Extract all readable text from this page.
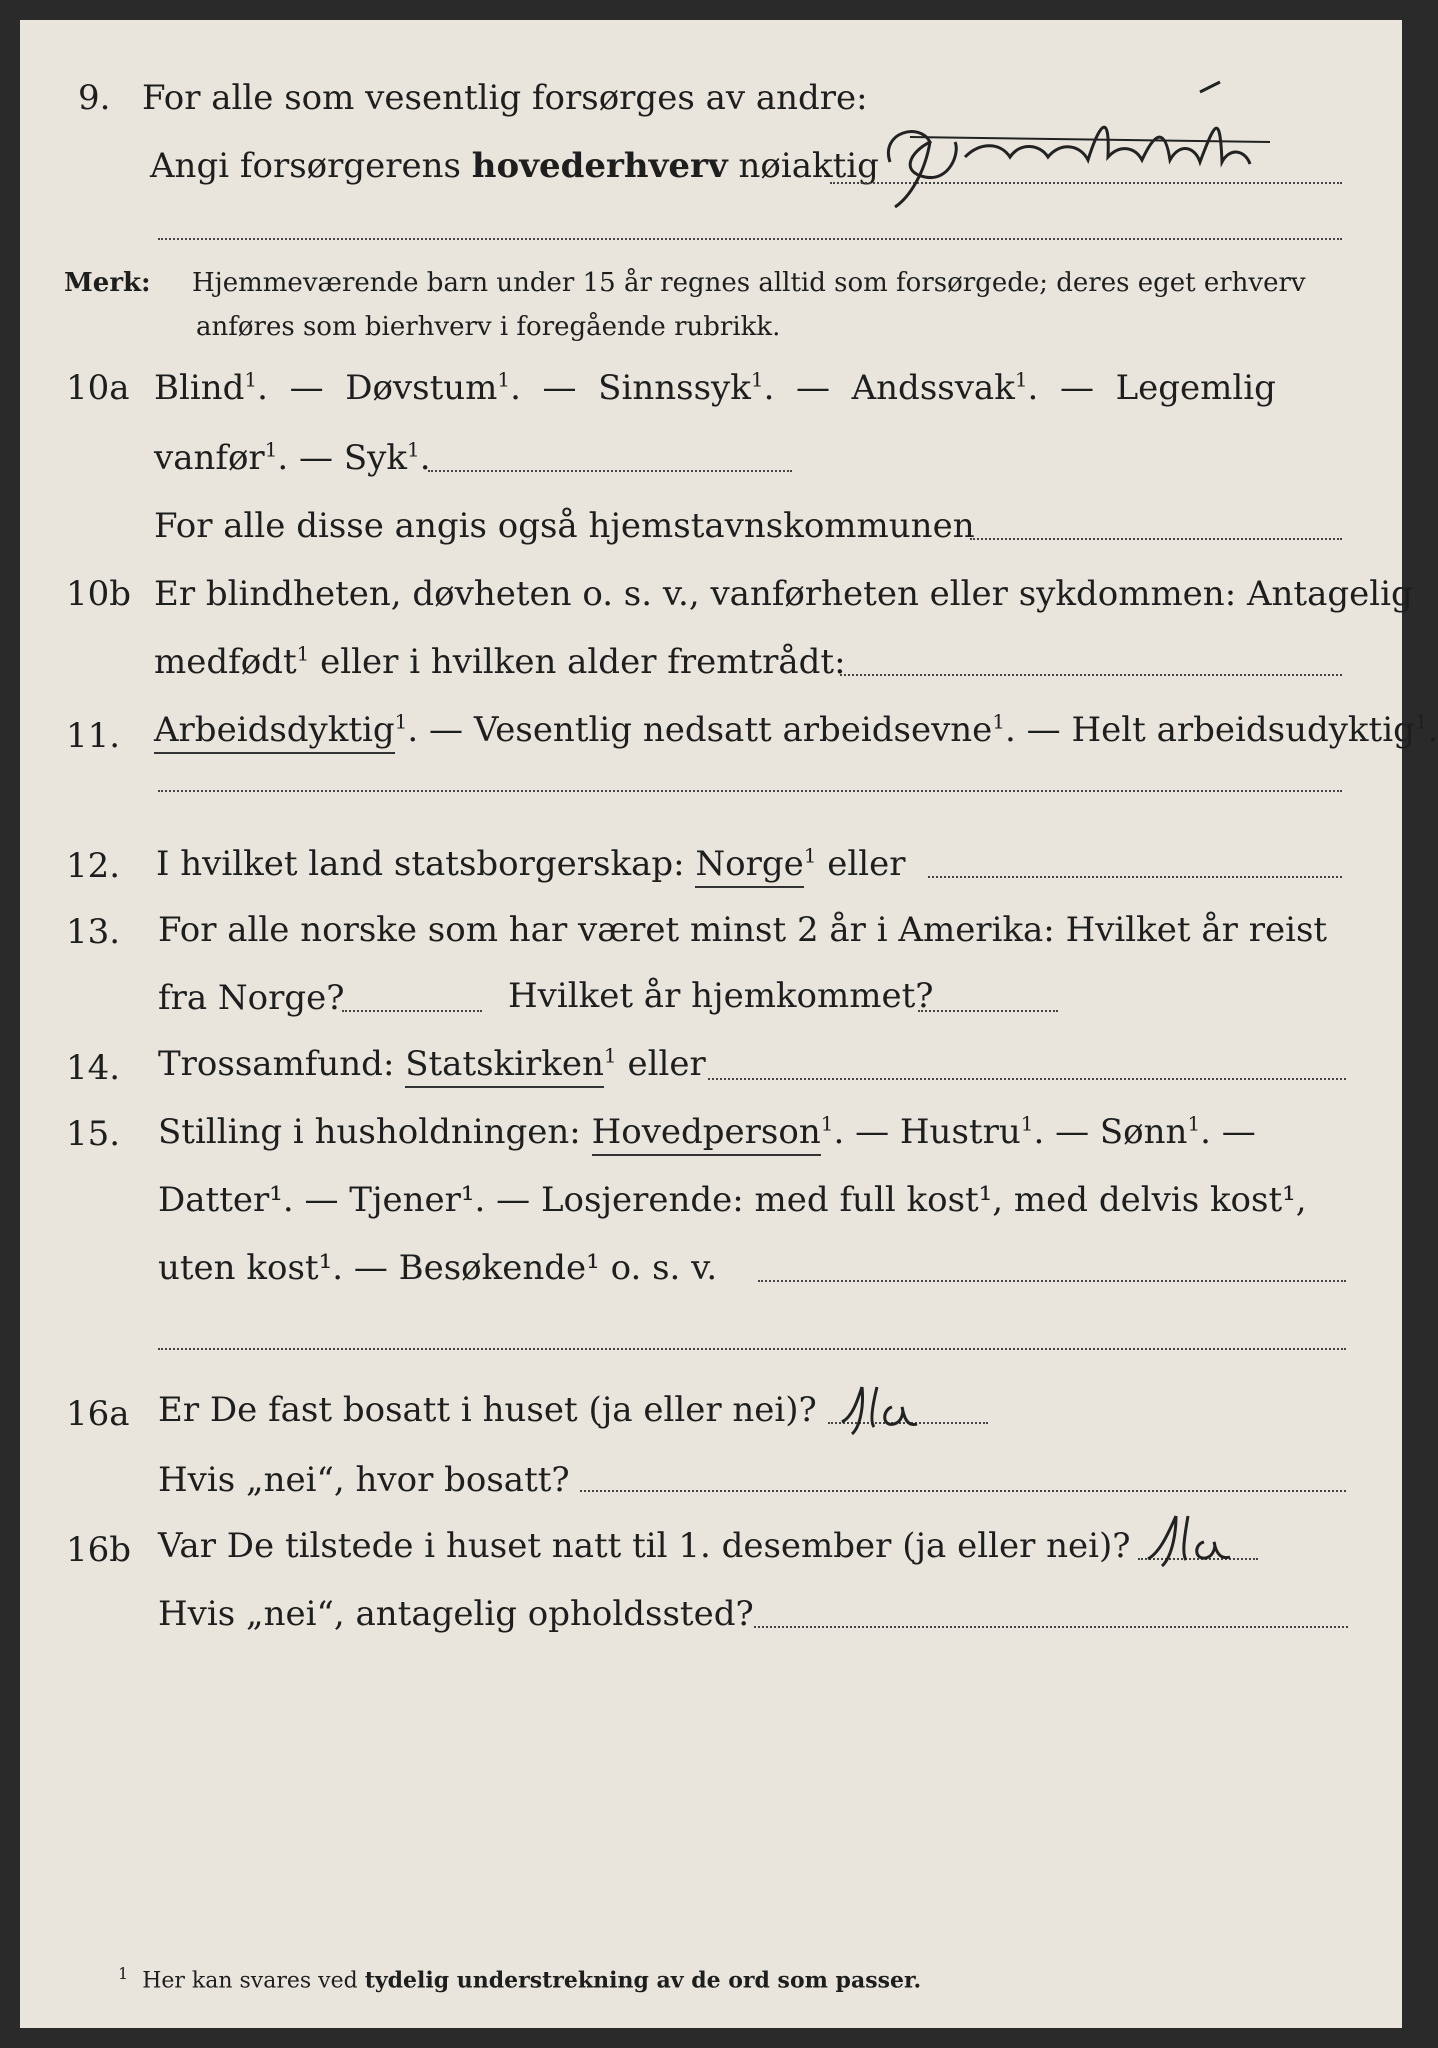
9. For alle som vesentlig forsørges av andre:
Angi forsørgerens hovederhverv nøiaktig
Merk: Hjemmeværende barn under 15 år regnes alltid som forsørgede; deres eget erhverv
anføres som bierhverv i foregående rubrikk.
10a Blind$^1$.  —  Døvstum$^1$.  —  Sinnssyk$^1$.  —  Andssvak$^1$.  —  Legemlig
vanfør$^1$. — Syk$^1$.
For alle disse angis også hjemstavnskommunen
10b Er blindheten, døvheten o. s. v., vanførheten eller sykdommen: Antagelig
medfødt$^1$ eller i hvilken alder fremtrådt:
11. Arbeidsdyktig$^1$. — Vesentlig nedsatt arbeidsevne$^1$. — Helt arbeidsudyktig$^1$.
12. I hvilket land statsborgerskap: Norge$^1$ eller
13. For alle norske som har været minst 2 år i Amerika: Hvilket år reist
fra Norge?	Hvilket år hjemkommet?
14. Trossamfund: Statskirken$^1$ eller
15. Stilling i husholdningen: Hovedperson$^1$. — Hustru$^1$. — Sønn$^1$. —
Datter¹. — Tjener¹. — Losjerende: med full kost¹, med delvis kost¹,
uten kost¹. — Besøkende¹ o. s. v.
16a Er De fast bosatt i huset (ja eller nei)?
Hvis „nei“, hvor bosatt?
16b Var De tilstede i huset natt til 1. desember (ja eller nei)?
Hvis „nei“, antagelig opholdssted?
$^1$ Her kan svares ved tydelig understrekning av de ord som passer.
